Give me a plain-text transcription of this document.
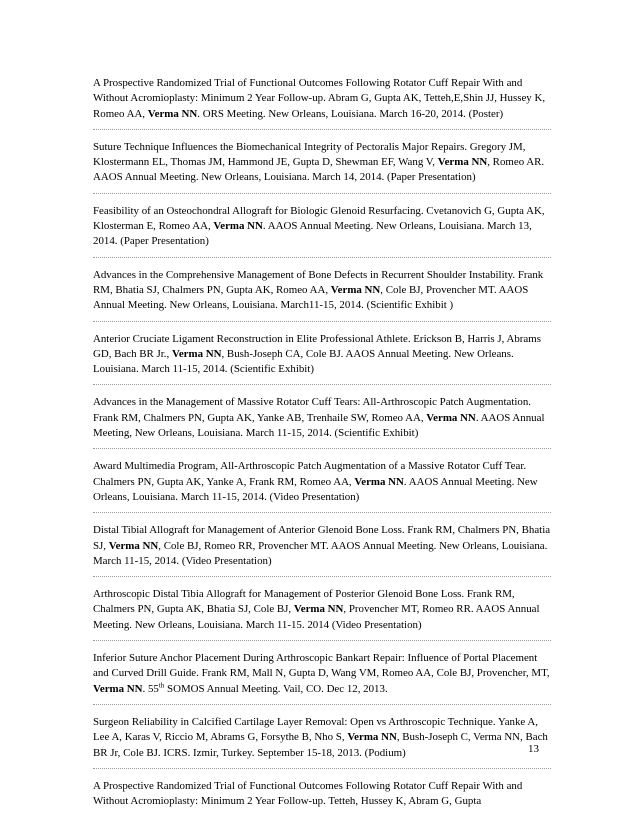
A Prospective Randomized Trial of Functional Outcomes Following Rotator Cuff Repair With and Without Acromioplasty: Minimum 2 Year Follow-up. Abram G, Gupta AK, Tetteh,E,Shin JJ, Hussey K, Romeo AA, Verma NN. ORS Meeting. New Orleans, Louisiana. March 16-20, 2014. (Poster)

Suture Technique Influences the Biomechanical Integrity of Pectoralis Major Repairs. Gregory JM, Klostermann EL, Thomas JM, Hammond JE, Gupta D, Shewman EF, Wang V, Verma NN, Romeo AR. AAOS Annual Meeting. New Orleans, Louisiana. March 14, 2014. (Paper Presentation)

Feasibility of an Osteochondral Allograft for Biologic Glenoid Resurfacing. Cvetanovich G, Gupta AK, Klosterman E, Romeo AA, Verma NN. AAOS Annual Meeting. New Orleans, Louisiana. March 13, 2014. (Paper Presentation)

Advances in the Comprehensive Management of Bone Defects in Recurrent Shoulder Instability. Frank RM, Bhatia SJ, Chalmers PN, Gupta AK, Romeo AA, Verma NN, Cole BJ, Provencher MT. AAOS Annual Meeting. New Orleans, Louisiana. March11-15, 2014. (Scientific Exhibit )

Anterior Cruciate Ligament Reconstruction in Elite Professional Athlete. Erickson B, Harris J, Abrams GD, Bach BR Jr., Verma NN, Bush-Joseph CA, Cole BJ. AAOS Annual Meeting. New Orleans. Louisiana. March 11-15, 2014. (Scientific Exhibit)

Advances in the Management of Massive Rotator Cuff Tears: All-Arthroscopic Patch Augmentation. Frank RM, Chalmers PN, Gupta AK, Yanke AB, Trenhaile SW, Romeo AA, Verma NN. AAOS Annual Meeting, New Orleans, Louisiana. March 11-15, 2014. (Scientific Exhibit)

Award Multimedia Program, All-Arthroscopic Patch Augmentation of a Massive Rotator Cuff Tear. Chalmers PN, Gupta AK, Yanke A, Frank RM, Romeo AA, Verma NN. AAOS Annual Meeting. New Orleans, Louisiana. March 11-15, 2014. (Video Presentation)

Distal Tibial Allograft for Management of Anterior Glenoid Bone Loss. Frank RM, Chalmers PN, Bhatia SJ, Verma NN, Cole BJ, Romeo RR, Provencher MT. AAOS Annual Meeting. New Orleans, Louisiana. March 11-15, 2014. (Video Presentation)

Arthroscopic Distal Tibia Allograft for Management of Posterior Glenoid Bone Loss. Frank RM, Chalmers PN, Gupta AK, Bhatia SJ, Cole BJ, Verma NN, Provencher MT, Romeo RR. AAOS Annual Meeting. New Orleans, Louisiana. March 11-15. 2014 (Video Presentation)

Inferior Suture Anchor Placement During Arthroscopic Bankart Repair: Influence of Portal Placement and Curved Drill Guide. Frank RM, Mall N, Gupta D, Wang VM, Romeo AA, Cole BJ, Provencher, MT, Verma NN. 55th SOMOS Annual Meeting. Vail, CO. Dec 12, 2013.

Surgeon Reliability in Calcified Cartilage Layer Removal: Open vs Arthroscopic Technique. Yanke A, Lee A, Karas V, Riccio M, Abrams G, Forsythe B, Nho S, Verma NN, Bush-Joseph C, Verma NN, Bach BR Jr, Cole BJ. ICRS. Izmir, Turkey. September 15-18, 2013. (Podium)

A Prospective Randomized Trial of Functional Outcomes Following Rotator Cuff Repair With and Without Acromioplasty: Minimum 2 Year Follow-up. Tetteh, Hussey K, Abram G, Gupta

13
